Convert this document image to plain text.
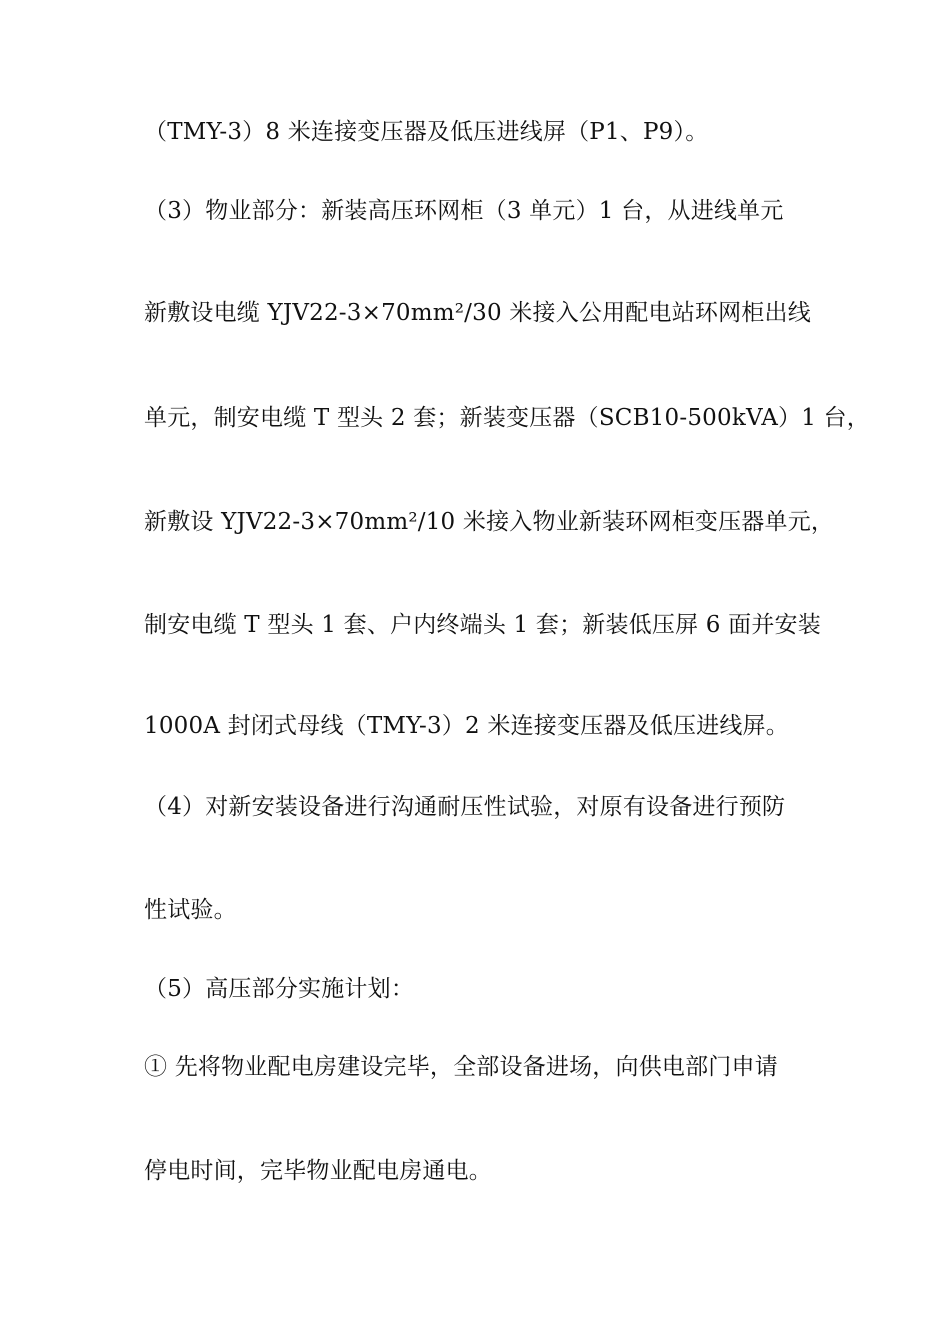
（TMY-3）8 米连接变压器及低压进线屏（P1、P9）。
（3）物业部分：新装高压环网柜（3 单元）1 台，从进线单元
新敷设电缆 YJV22-3×70mm²/30 米接入公用配电站环网柜出线
单元，制安电缆 T 型头 2 套；新装变压器（SCB10-500kVA）1 台，
新敷设 YJV22-3×70mm²/10 米接入物业新装环网柜变压器单元，
制安电缆 T 型头 1 套、户内终端头 1 套；新装低压屏 6 面并安装
1000A 封闭式母线（TMY-3）2 米连接变压器及低压进线屏。
（4）对新安装设备进行沟通耐压性试验，对原有设备进行预防
性试验。
（5）高压部分实施计划：
① 先将物业配电房建设完毕，全部设备进场，向供电部门申请
停电时间，完毕物业配电房通电。
